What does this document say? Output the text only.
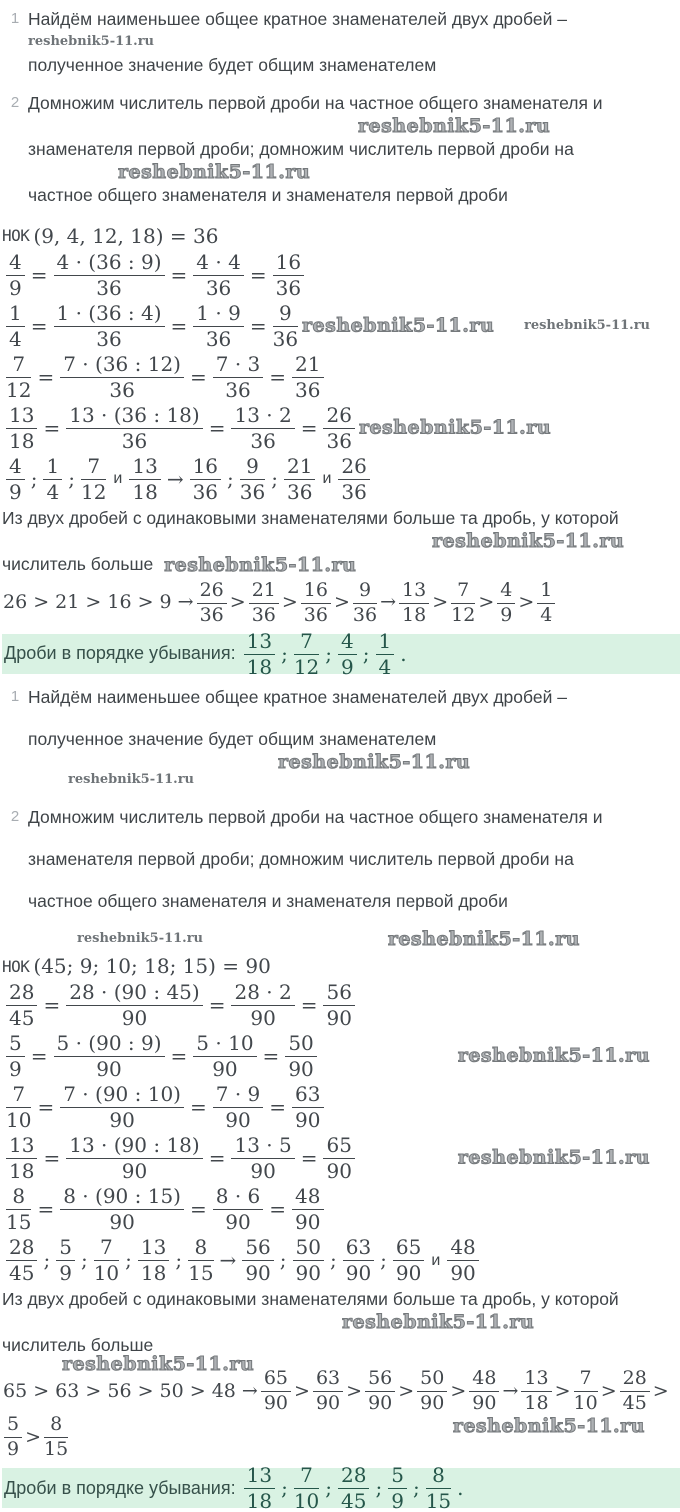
1 Найдём наименьшее общее кратное знаменателей двух дробей –
reshebnik5-11.ru
полученное значение будет общим знаменателем
2 Домножим числитель первой дроби на частное общего знаменателя и
reshebnik5-11.ru
знаменателя первой дроби; домножим числитель первой дроби на
reshebnik5-11.ru
частное общего знаменателя и знаменателя первой дроби
НОК (9, 4, 12, 18) = 36
$\frac{4}{9} = \frac{4 \cdot (36 : 9)}{36} = \frac{4 \cdot 4}{36} = \frac{16}{36}$
reshebnik5-11.ru
$\frac{1}{4} = \frac{1 \cdot (36 : 4)}{36} = \frac{1 \cdot 9}{36} = \frac{9}{36}$ reshebnik5-11.ru
$\frac{7}{12} = \frac{7 \cdot (36 : 12)}{36} = \frac{7 \cdot 3}{36} = \frac{21}{36}$
$\frac{13}{18} = \frac{13 \cdot (36 : 18)}{36} = \frac{13 \cdot 2}{36} = \frac{26}{36}$ reshebnik5-11.ru
$\frac{4}{9}$ ; $\frac{1}{4}$ ; $\frac{7}{12}$ и $\frac{13}{18} \to \frac{16}{36}$ ; $\frac{9}{36}$ ; $\frac{21}{36}$ и $\frac{26}{36}$
Из двух дробей с одинаковыми знаменателями больше та дробь, у которой
reshebnik5-11.ru
числитель больше reshebnik5-11.ru
$26 > 21 > 16 > 9 \to \frac{26}{36} > \frac{21}{36} > \frac{16}{36} > \frac{9}{36} \to \frac{13}{18} > \frac{7}{12} > \frac{4}{9} > \frac{1}{4}$
Дроби в порядке убывания: $\frac{13}{18}$ ; $\frac{7}{12}$ ; $\frac{4}{9}$ ; $\frac{1}{4}$ .
1 Найдём наименьшее общее кратное знаменателей двух дробей –
полученное значение будет общим знаменателем
reshebnik5-11.ru
reshebnik5-11.ru
2 Домножим числитель первой дроби на частное общего знаменателя и
знаменателя первой дроби; домножим числитель первой дроби на
частное общего знаменателя и знаменателя первой дроби
reshebnik5-11.ru	reshebnik5-11.ru
НОК (45; 9; 10; 18; 15) = 90
$\frac{28}{45} = \frac{28 \cdot (90 : 45)}{90} = \frac{28 \cdot 2}{90} = \frac{56}{90}$
reshebnik5-11.ru
$\frac{5}{9} = \frac{5 \cdot (90 : 9)}{90} = \frac{5 \cdot 10}{90} = \frac{50}{90}$
$\frac{7}{10} = \frac{7 \cdot (90 : 10)}{90} = \frac{7 \cdot 9}{90} = \frac{63}{90}$
reshebnik5-11.ru
$\frac{13}{18} = \frac{13 \cdot (90 : 18)}{90} = \frac{13 \cdot 5}{90} = \frac{65}{90}$
$\frac{8}{15} = \frac{8 \cdot (90 : 15)}{90} = \frac{8 \cdot 6}{90} = \frac{48}{90}$
$\frac{28}{45}$ ; $\frac{5}{9}$ ; $\frac{7}{10}$ ; $\frac{13}{18}$ ; $\frac{8}{15} \to \frac{56}{90}$ ; $\frac{50}{90}$ ; $\frac{63}{90}$ ; $\frac{65}{90}$ и $\frac{48}{90}$
Из двух дробей с одинаковыми знаменателями больше та дробь, у которой
reshebnik5-11.ru
числитель больше
reshebnik5-11.ru
reshebnik5-11.ru
$65 > 63 > 56 > 50 > 48 \to \frac{65}{90} > \frac{63}{90} > \frac{56}{90} > \frac{50}{90} > \frac{48}{90} \to \frac{13}{18} > \frac{7}{10} > \frac{28}{45}$ >
$\frac{5}{9} > \frac{8}{15}$
Дроби в порядке убывания: $\frac{13}{18}$ ; $\frac{7}{10}$ ; $\frac{28}{45}$ ; $\frac{5}{9}$ ; $\frac{8}{15}$ .
